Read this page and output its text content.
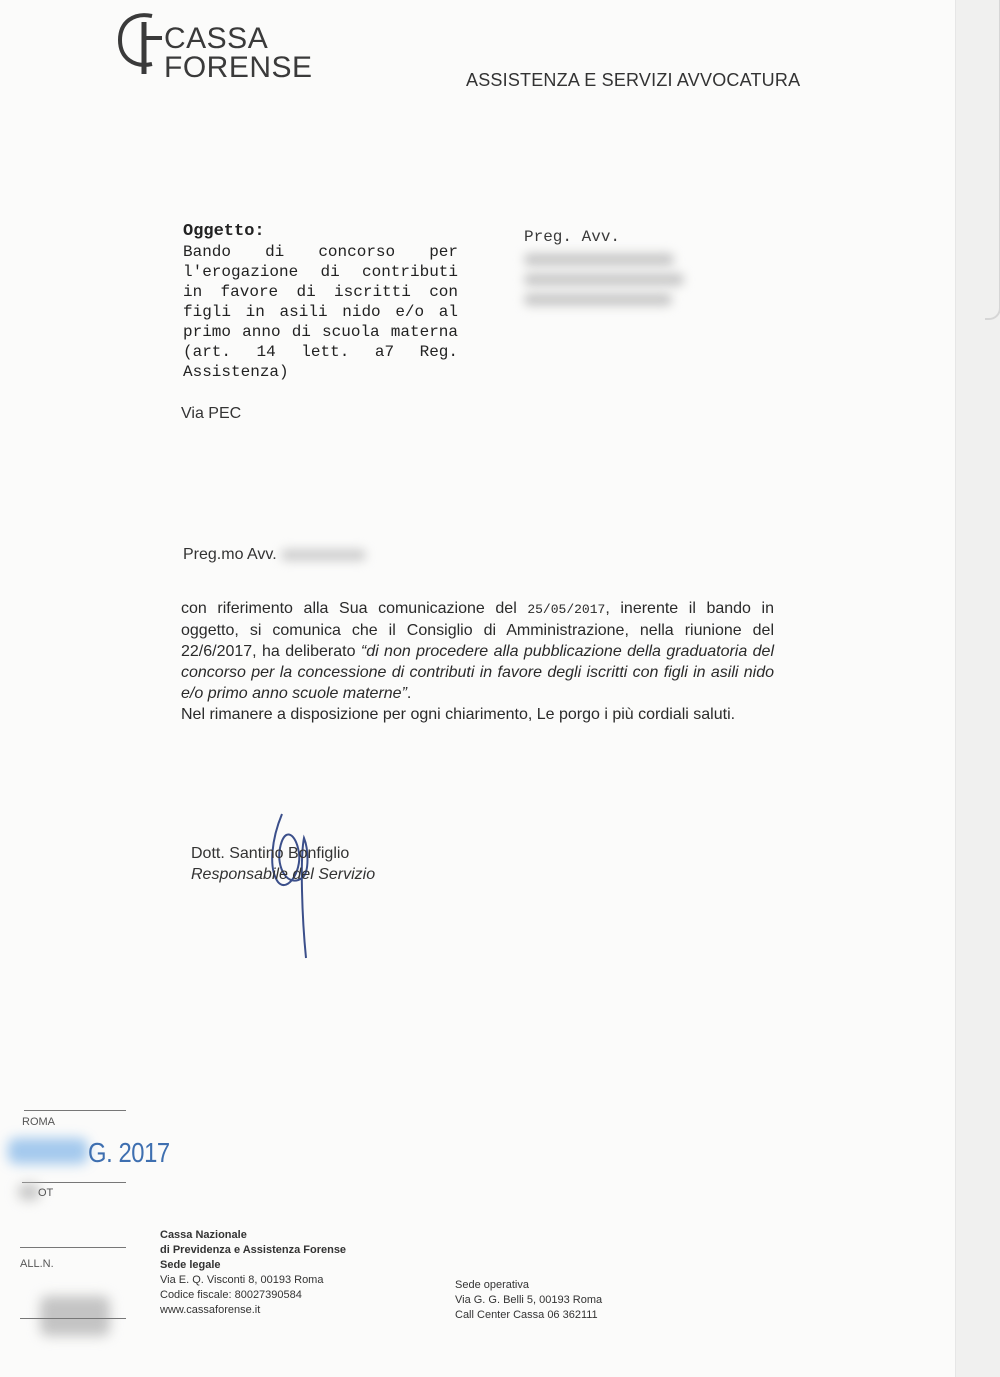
CASSA
FORENSE	ASSISTENZA E SERVIZI AVVOCATURA
Oggetto:
Bando di concorso per l'erogazione di contributi in favore di iscritti con figli in asili nido e/o al primo anno di scuola materna (art. 14 lett. a7 Reg. Assistenza)
Preg. Avv.
Via PEC
Preg.mo Avv.

con riferimento alla Sua comunicazione del 25/05/2017, inerente il bando in oggetto, si comunica che il Consiglio di Amministrazione, nella riunione del 22/6/2017, ha deliberato “di non procedere alla pubblicazione della graduatoria del concorso per la concessione di contributi in favore degli iscritti con figli in asili nido e/o primo anno scuole materne”.

Nel rimanere a disposizione per ogni chiarimento, Le porgo i più cordiali saluti.

Dott. Santino Bonfiglio
Responsabile del Servizio
ROMA
G. 2017
OT
ALL.N.
Cassa Nazionale
di Previdenza e Assistenza Forense
Sede legale
Via E. Q. Visconti 8, 00193 Roma
Codice fiscale: 80027390584
www.cassaforense.it
Sede operativa
Via G. G. Belli 5, 00193 Roma
Call Center Cassa 06 362111
